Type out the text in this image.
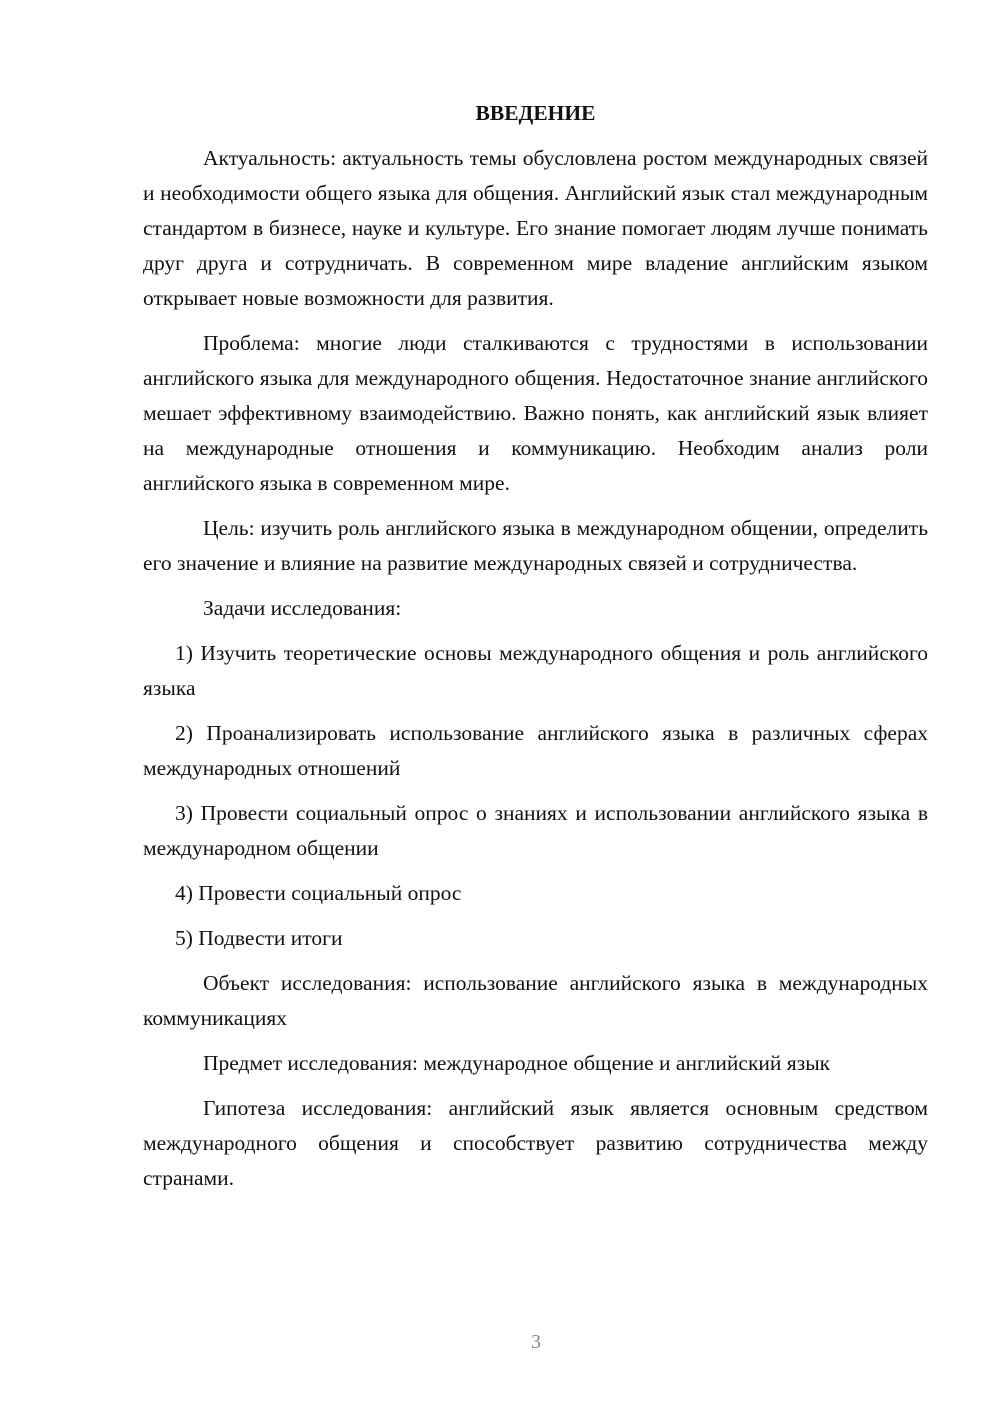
ВВЕДЕНИЕ
Актуальность: актуальность темы обусловлена ростом международных связей и необходимости общего языка для общения. Английский язык стал международным стандартом в бизнесе, науке и культуре. Его знание помогает людям лучше понимать друг друга и сотрудничать. В современном мире владение английским языком открывает новые возможности для развития.
Проблема: многие люди сталкиваются с трудностями в использовании английского языка для международного общения. Недостаточное знание английского мешает эффективному взаимодействию. Важно понять, как английский язык влияет на международные отношения и коммуникацию. Необходим анализ роли английского языка в современном мире.
Цель: изучить роль английского языка в международном общении, определить его значение и влияние на развитие международных связей и сотрудничества.
Задачи исследования:
1) Изучить теоретические основы международного общения и роль английского языка
2) Проанализировать использование английского языка в различных сферах международных отношений
3) Провести социальный опрос о знаниях и использовании английского языка в международном общении
4) Провести социальный опрос
5) Подвести итоги
Объект исследования: использование английского языка в международных коммуникациях
Предмет исследования: международное общение и английский язык
Гипотеза исследования: английский язык является основным средством международного общения и способствует развитию сотрудничества между странами.
3
